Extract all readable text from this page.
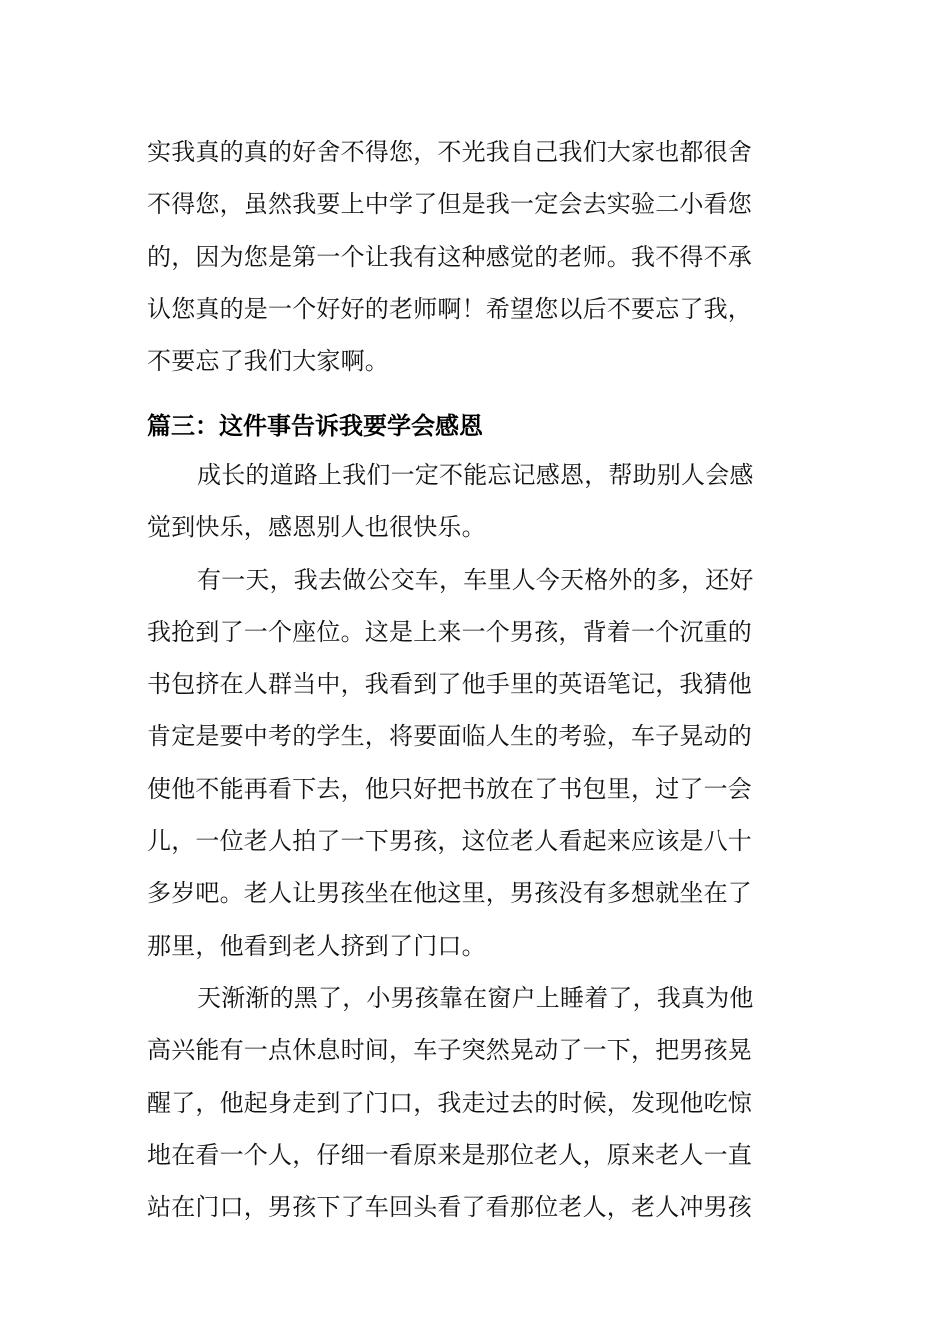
实我真的真的好舍不得您，不光我自己我们大家也都很舍
不得您，虽然我要上中学了但是我一定会去实验二小看您
的，因为您是第一个让我有这种感觉的老师。我不得不承
认您真的是一个好好的老师啊！希望您以后不要忘了我，
不要忘了我们大家啊。
篇三：这件事告诉我要学会感恩
成长的道路上我们一定不能忘记感恩，帮助别人会感
觉到快乐，感恩别人也很快乐。
有一天，我去做公交车，车里人今天格外的多，还好
我抢到了一个座位。这是上来一个男孩，背着一个沉重的
书包挤在人群当中，我看到了他手里的英语笔记，我猜他
肯定是要中考的学生，将要面临人生的考验，车子晃动的
使他不能再看下去，他只好把书放在了书包里，过了一会
儿，一位老人拍了一下男孩，这位老人看起来应该是八十
多岁吧。老人让男孩坐在他这里，男孩没有多想就坐在了
那里，他看到老人挤到了门口。
天渐渐的黑了，小男孩靠在窗户上睡着了，我真为他
高兴能有一点休息时间，车子突然晃动了一下，把男孩晃
醒了，他起身走到了门口，我走过去的时候，发现他吃惊
地在看一个人，仔细一看原来是那位老人，原来老人一直
站在门口，男孩下了车回头看了看那位老人，老人冲男孩
